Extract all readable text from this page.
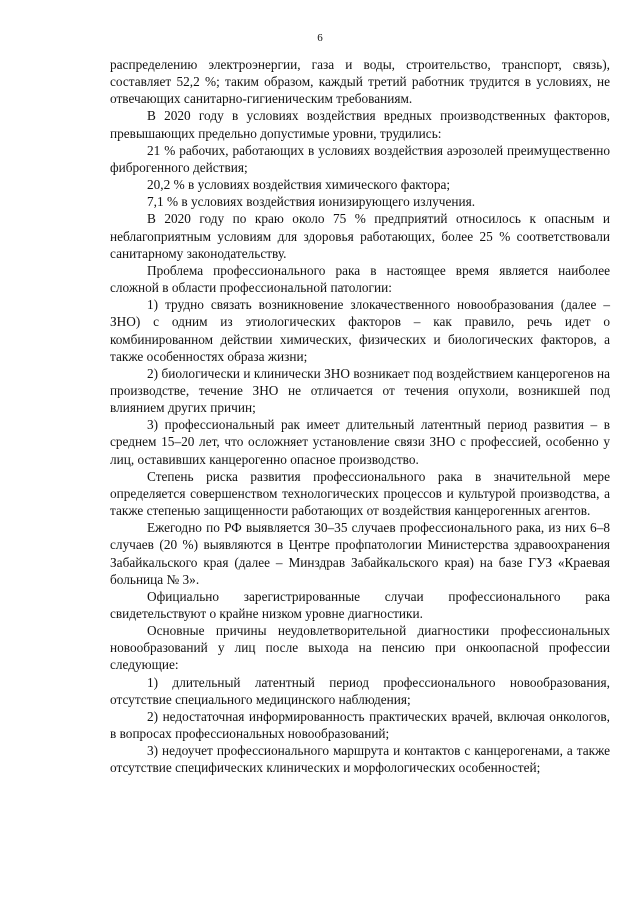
6

распределению электроэнергии, газа и воды, строительство, транспорт, связь), составляет 52,2 %; таким образом, каждый третий работник трудится в условиях, не отвечающих санитарно-гигиеническим требованиям.

В 2020 году в условиях воздействия вредных производственных факторов, превышающих предельно допустимые уровни, трудились:

21 % рабочих, работающих в условиях воздействия аэрозолей преимущественно фиброгенного действия;

20,2 % в условиях воздействия химического фактора;

7,1 % в условиях воздействия ионизирующего излучения.

В 2020 году по краю около 75 % предприятий относилось к опасным и неблагоприятным условиям для здоровья работающих, более 25 % соответствовали санитарному законодательству.

Проблема профессионального рака в настоящее время является наиболее сложной в области профессиональной патологии:

1) трудно связать возникновение злокачественного новообразования (далее – ЗНО) с одним из этиологических факторов – как правило, речь идет о комбинированном действии химических, физических и биологических факторов, а также особенностях образа жизни;

2) биологически и клинически ЗНО возникает под воздействием канцерогенов на производстве, течение ЗНО не отличается от течения опухоли, возникшей под влиянием других причин;

3) профессиональный рак имеет длительный латентный период развития – в среднем 15–20 лет, что осложняет установление связи ЗНО с профессией, особенно у лиц, оставивших канцерогенно опасное производство.

Степень риска развития профессионального рака в значительной мере определяется совершенством технологических процессов и культурой производства, а также степенью защищенности работающих от воздействия канцерогенных агентов.

Ежегодно по РФ выявляется 30–35 случаев профессионального рака, из них 6–8 случаев (20 %) выявляются в Центре профпатологии Министерства здравоохранения Забайкальского края (далее – Минздрав Забайкальского края) на базе ГУЗ «Краевая больница № 3».

Официально зарегистрированные случаи профессионального рака свидетельствуют о крайне низком уровне диагностики.

Основные причины неудовлетворительной диагностики профессиональных новообразований у лиц после выхода на пенсию при онкоопасной профессии следующие:

1) длительный латентный период профессионального новообразования, отсутствие специального медицинского наблюдения;

2) недостаточная информированность практических врачей, включая онкологов, в вопросах профессиональных новообразований;

3) недоучет профессионального маршрута и контактов с канцерогенами, а также отсутствие специфических клинических и морфологических особенностей;
